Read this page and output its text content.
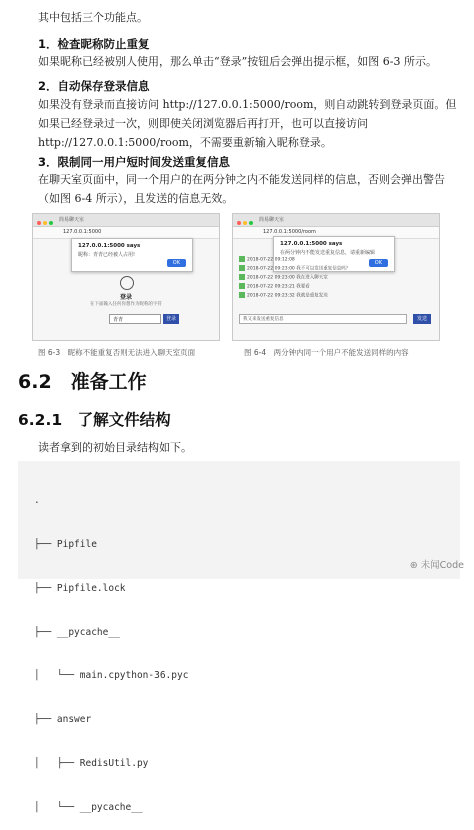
其中包括三个功能点。

1．检查昵称防止重复

如果昵称已经被别人使用，那么单击“登录”按钮后会弹出提示框，如图 6-3 所示。

2．自动保存登录信息

如果没有登录而直接访问 http://127.0.0.1:5000/room，则自动跳转到登录页面。但如果已经登录过一次，则即使关闭浏览器后再打开，也可以直接访问 http://127.0.0.1:5000/room，不需要重新输入昵称登录。

3．限制同一用户短时间发送重复信息

在聊天室页面中，同一个用户的在两分钟之内不能发送同样的信息，否则会弹出警告（如图 6-4 所示），且发送的信息无效。

简易聊天室
127.0.0.1:5000
127.0.0.1:5000 says
昵称：青青已经被人占用!
OK
登录
在下面输入任何你想作为昵称的字符
青青	登录
图 6-3　昵称不能重复否则无法进入聊天室页面
简易聊天室
127.0.0.1:5000/room
127.0.0.1:5000 says
在两分钟内不能发送重复信息，请重新编辑
OK
2018-07-22 09:12:08
2018-07-22 09:23:00 我不可以发送重复信息吗？
2018-07-22 09:23:00 我在进入聊天室
2018-07-22 09:23:21 我要看
2018-07-22 09:23:32 我就是重复发送
我又来发送重复信息	发送
图 6-4　两分钟内同一个用户不能发送同样的内容
6.2　准备工作
6.2.1　了解文件结构

读者拿到的初始目录结构如下。

.

├── Pipfile

├── Pipfile.lock

├── __pycache__

│   └── main.cpython-36.pyc

├── answer

│   ├── RedisUtil.py

│   └── __pycache__

⊛ 未闻Code
